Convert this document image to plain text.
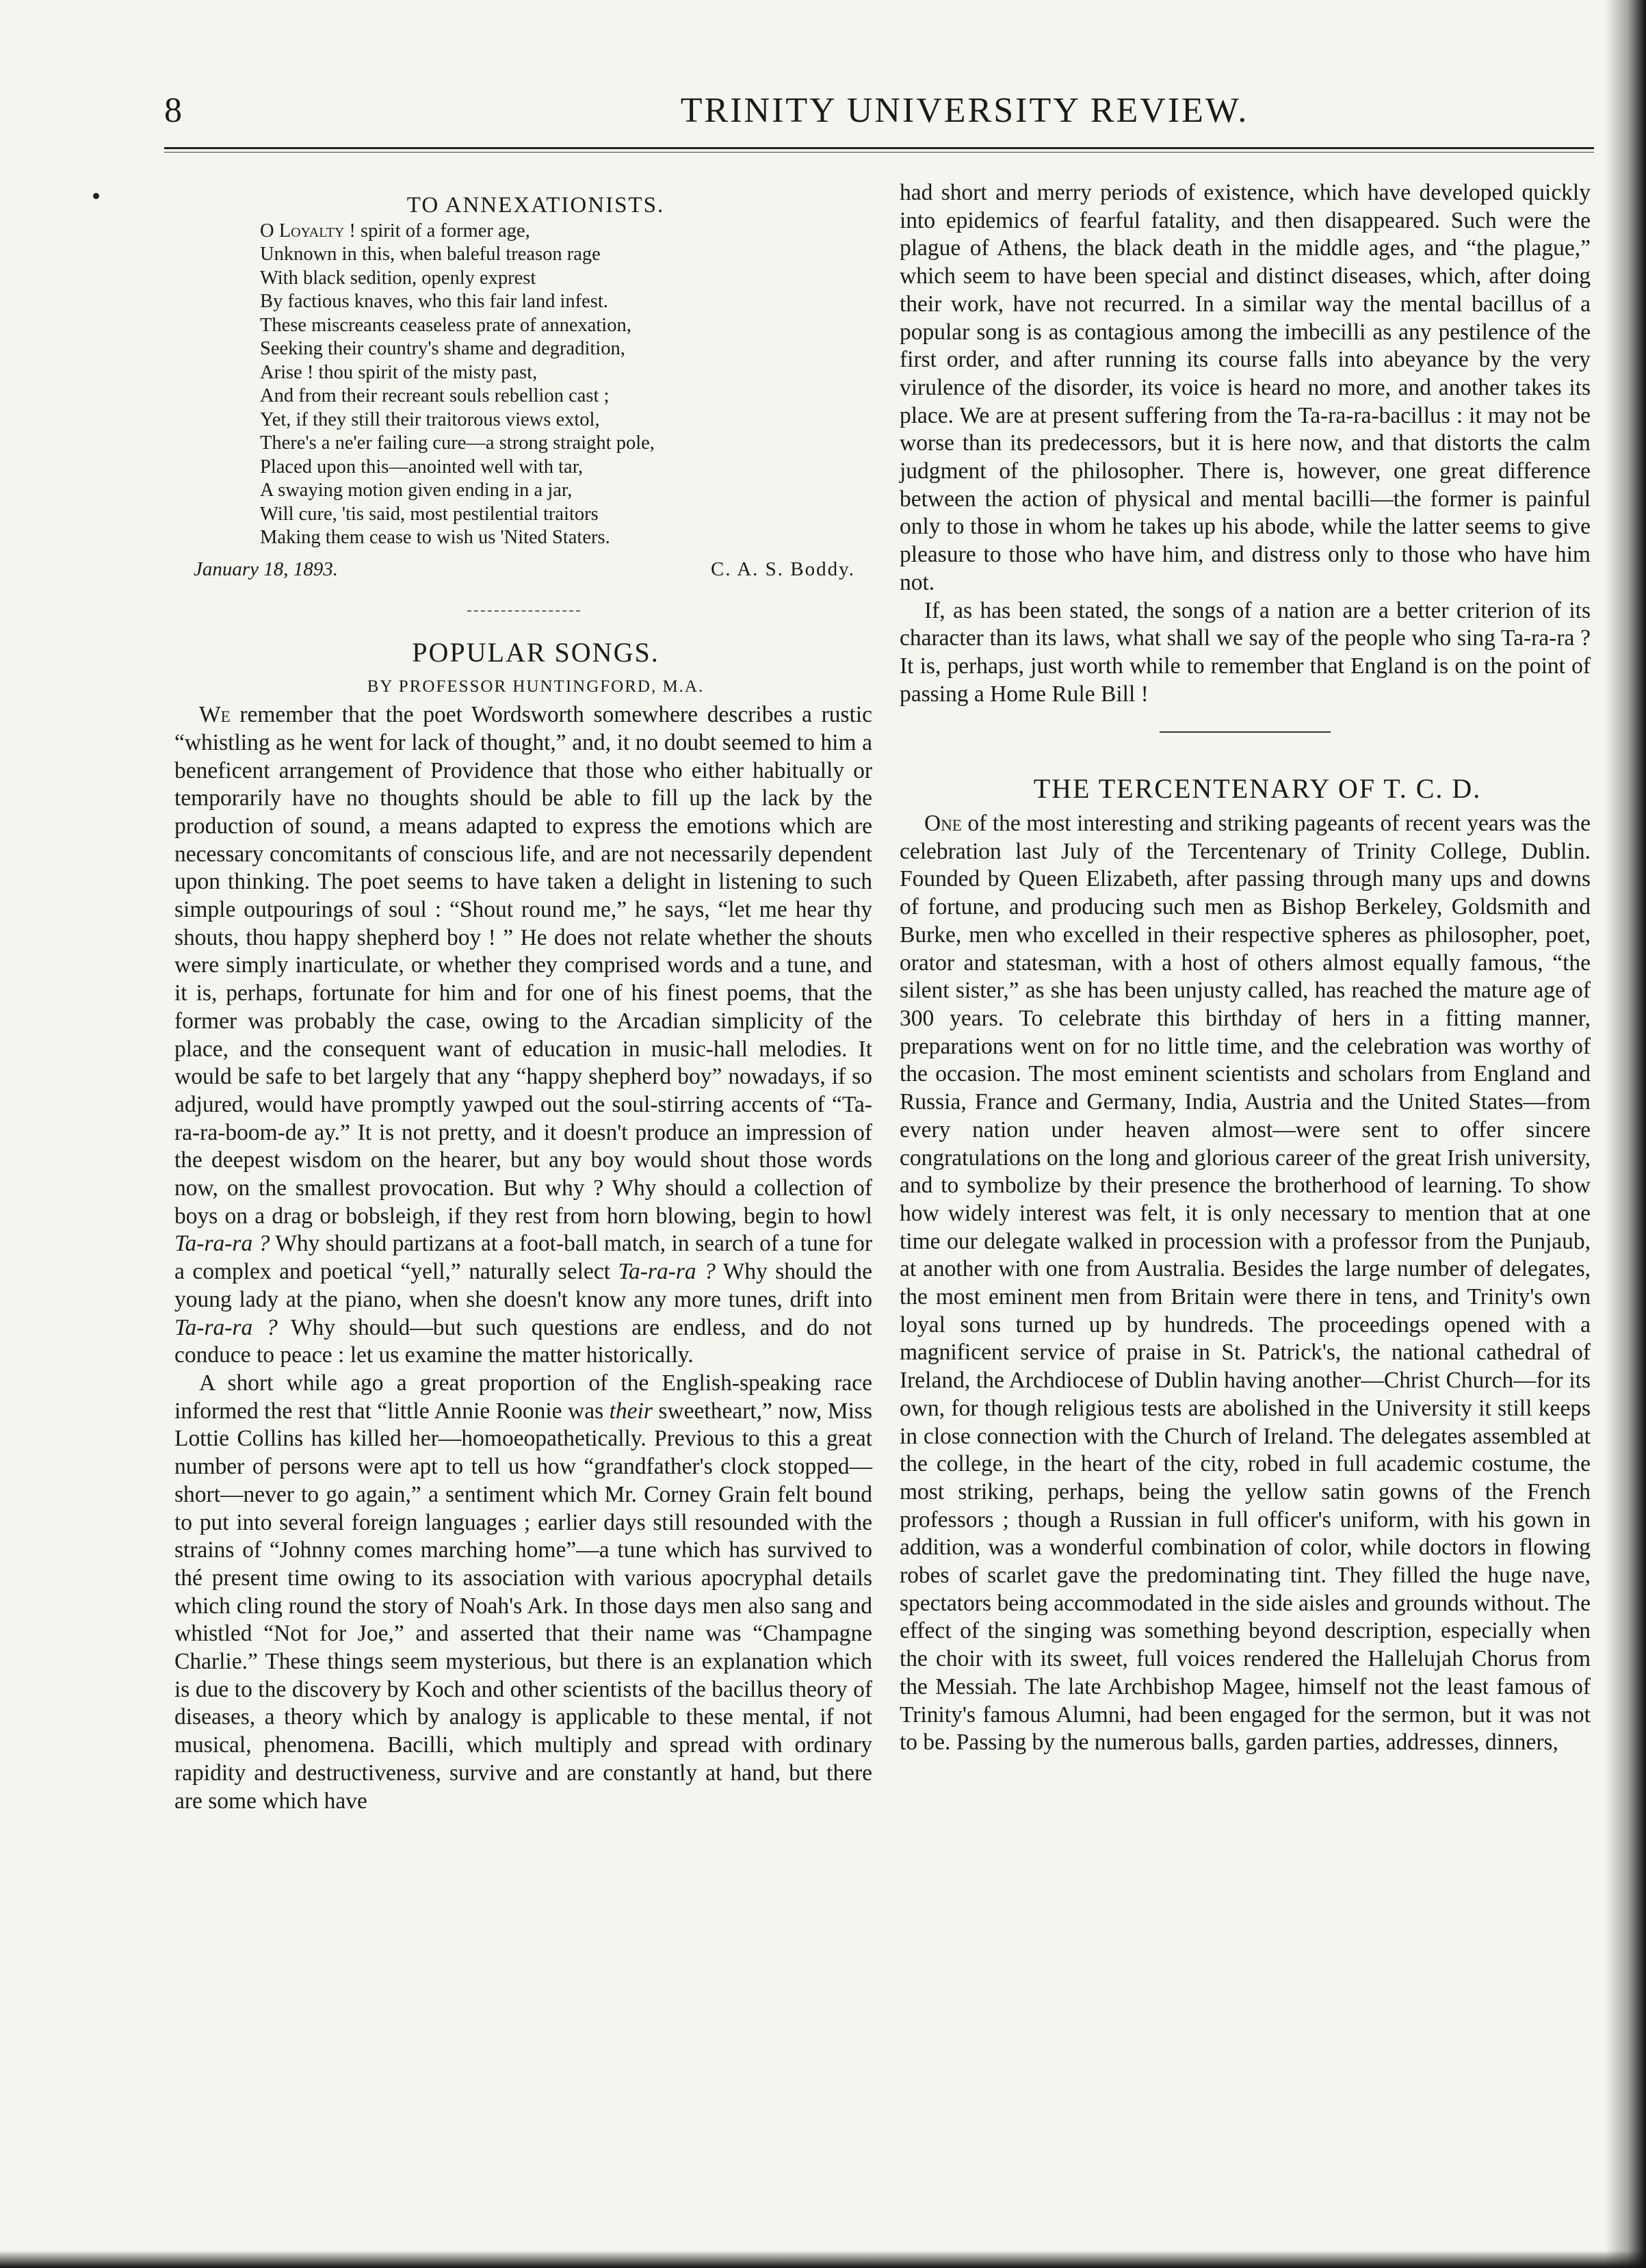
8	TRINITY UNIVERSITY REVIEW.

TO ANNEXATIONISTS.

O Loyalty ! spirit of a former age,
Unknown in this, when baleful treason rage
With black sedition, openly exprest
By factious knaves, who this fair land infest.
These miscreants ceaseless prate of annexation,
Seeking their country's shame and degradition,
Arise ! thou spirit of the misty past,
And from their recreant souls rebellion cast ;
Yet, if they still their traitorous views extol,
There's a ne'er failing cure—a strong straight pole,
Placed upon this—anointed well with tar,
A swaying motion given ending in a jar,
Will cure, 'tis said, most pestilential traitors
Making them cease to wish us 'Nited Staters.
January 18, 1893.	C. A. S. Boddy.

POPULAR SONGS.

BY PROFESSOR HUNTINGFORD, M.A.

We remember that the poet Wordsworth somewhere describes a rustic “whistling as he went for lack of thought,” and, it no doubt seemed to him a beneficent arrangement of Providence that those who either habitually or temporarily have no thoughts should be able to fill up the lack by the production of sound, a means adapted to express the emotions which are necessary concomitants of conscious life, and are not necessarily dependent upon thinking. The poet seems to have taken a delight in listening to such simple outpourings of soul : “Shout round me,” he says, “let me hear thy shouts, thou happy shepherd boy ! ” He does not relate whether the shouts were simply inarticulate, or whether they comprised words and a tune, and it is, perhaps, fortunate for him and for one of his finest poems, that the former was probably the case, owing to the Arcadian simplicity of the place, and the consequent want of education in music-hall melodies. It would be safe to bet largely that any “happy shepherd boy” nowadays, if so adjured, would have promptly yawped out the soul-stirring accents of “Ta-ra-ra-boom-de ay.” It is not pretty, and it doesn't produce an impression of the deepest wisdom on the hearer, but any boy would shout those words now, on the smallest provocation. But why ? Why should a collection of boys on a drag or bobsleigh, if they rest from horn blowing, begin to howl Ta-ra-ra ? Why should partizans at a foot-ball match, in search of a tune for a complex and poetical “yell,” naturally select Ta-ra-ra ? Why should the young lady at the piano, when she doesn't know any more tunes, drift into Ta-ra-ra ? Why should—but such questions are endless, and do not conduce to peace : let us examine the matter historically.

A short while ago a great proportion of the English-speaking race informed the rest that “little Annie Roonie was their sweetheart,” now, Miss Lottie Collins has killed her—homoeopathetically. Previous to this a great number of persons were apt to tell us how “grandfather's clock stopped—short—never to go again,” a sentiment which Mr. Corney Grain felt bound to put into several foreign languages ; earlier days still resounded with the strains of “Johnny comes marching home”—a tune which has survived to thé present time owing to its association with various apocryphal details which cling round the story of Noah's Ark. In those days men also sang and whistled “Not for Joe,” and asserted that their name was “Champagne Charlie.” These things seem mysterious, but there is an explanation which is due to the discovery by Koch and other scientists of the bacillus theory of diseases, a theory which by analogy is applicable to these mental, if not musical, phenomena. Bacilli, which multiply and spread with ordinary rapidity and destructiveness, survive and are constantly at hand, but there are some which have

had short and merry periods of existence, which have developed quickly into epidemics of fearful fatality, and then disappeared. Such were the plague of Athens, the black death in the middle ages, and “the plague,” which seem to have been special and distinct diseases, which, after doing their work, have not recurred. In a similar way the mental bacillus of a popular song is as contagious among the imbecilli as any pestilence of the first order, and after running its course falls into abeyance by the very virulence of the disorder, its voice is heard no more, and another takes its place. We are at present suffering from the Ta-ra-ra-bacillus : it may not be worse than its predecessors, but it is here now, and that distorts the calm judgment of the philosopher. There is, however, one great difference between the action of physical and mental bacilli—the former is painful only to those in whom he takes up his abode, while the latter seems to give pleasure to those who have him, and distress only to those who have him not.

If, as has been stated, the songs of a nation are a better criterion of its character than its laws, what shall we say of the people who sing Ta-ra-ra ? It is, perhaps, just worth while to remember that England is on the point of passing a Home Rule Bill !

THE TERCENTENARY OF T. C. D.

One of the most interesting and striking pageants of recent years was the celebration last July of the Tercentenary of Trinity College, Dublin. Founded by Queen Elizabeth, after passing through many ups and downs of fortune, and producing such men as Bishop Berkeley, Goldsmith and Burke, men who excelled in their respective spheres as philosopher, poet, orator and statesman, with a host of others almost equally famous, “the silent sister,” as she has been unjusty called, has reached the mature age of 300 years. To celebrate this birthday of hers in a fitting manner, preparations went on for no little time, and the celebration was worthy of the occasion. The most eminent scientists and scholars from England and Russia, France and Germany, India, Austria and the United States—from every nation under heaven almost—were sent to offer sincere congratulations on the long and glorious career of the great Irish university, and to symbolize by their presence the brotherhood of learning. To show how widely interest was felt, it is only necessary to mention that at one time our delegate walked in procession with a professor from the Punjaub, at another with one from Australia. Besides the large number of delegates, the most eminent men from Britain were there in tens, and Trinity's own loyal sons turned up by hundreds. The proceedings opened with a magnificent service of praise in St. Patrick's, the national cathedral of Ireland, the Archdiocese of Dublin having another—Christ Church—for its own, for though religious tests are abolished in the University it still keeps in close connection with the Church of Ireland. The delegates assembled at the college, in the heart of the city, robed in full academic costume, the most striking, perhaps, being the yellow satin gowns of the French professors ; though a Russian in full officer's uniform, with his gown in addition, was a wonderful combination of color, while doctors in flowing robes of scarlet gave the predominating tint. They filled the huge nave, spectators being accommodated in the side aisles and grounds without. The effect of the singing was something beyond description, especially when the choir with its sweet, full voices rendered the Hallelujah Chorus from the Messiah. The late Archbishop Magee, himself not the least famous of Trinity's famous Alumni, had been engaged for the sermon, but it was not to be. Passing by the numerous balls, garden parties, addresses, dinners,
